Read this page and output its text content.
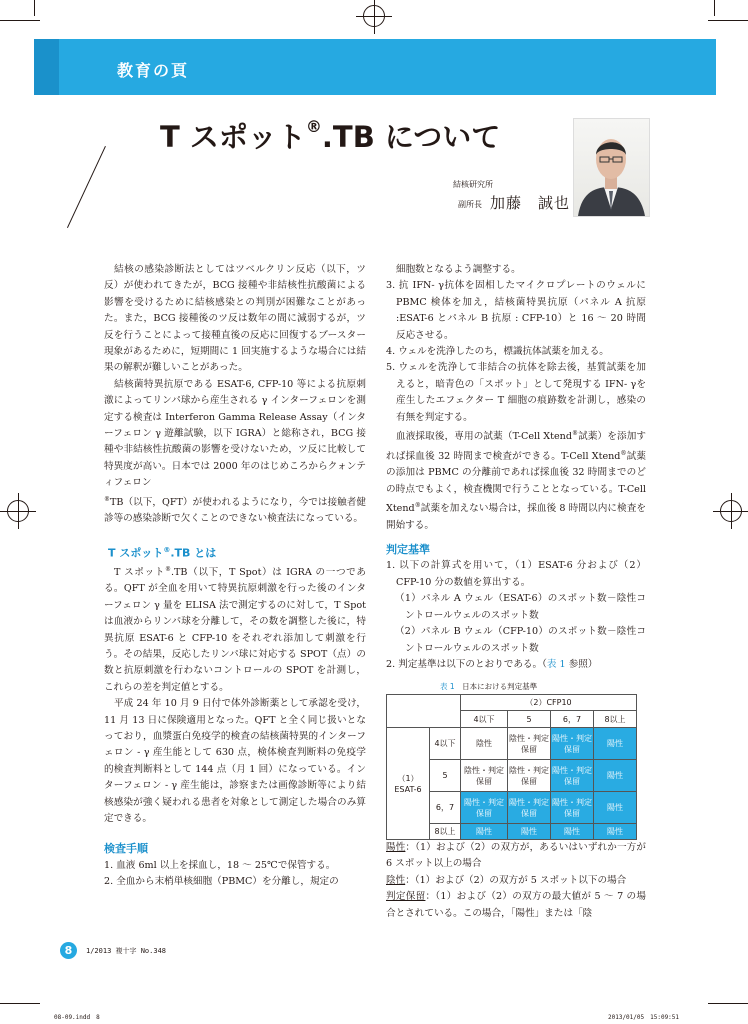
教育の頁
T スポット®.TB について
結核研究所
副所長 加藤　誠也

結核の感染診断法としてはツベルクリン反応（以下，ツ反）が使われてきたが，BCG 接種や非結核性抗酸菌による影響を受けるために結核感染との判別が困難なことがあった。また，BCG 接種後のツ反は数年の間に減弱するが，ツ反を行うことによって接種直後の反応に回復するブースター現象があるために，短期間に 1 回実施するような場合には結果の解釈が難しいことがあった。

結核菌特異抗原である ESAT-6, CFP-10 等による抗原刺激によってリンパ球から産生される γ インターフェロンを測定する検査は Interferon Gamma Release Assay（インターフェロン γ 遊離試験，以下 IGRA）と総称され，BCG 接種や非結核性抗酸菌の影響を受けないため，ツ反に比較して特異度が高い。日本では 2000 年のはじめころからクォンティフェロン

®TB（以下，QFT）が使われるようになり，今では接触者健診等の感染診断で欠くことのできない検査法になっている。

T スポット®.TB とは

T スポット®.TB（以下，T Spot）は IGRA の一つである。QFT が全血を用いて特異抗原刺激を行った後のインターフェロン γ 量を ELISA 法で測定するのに対して，T Spot は血液からリンパ球を分離して，その数を調整した後に，特異抗原 ESAT-6 と CFP-10 をそれぞれ添加して刺激を行う。その結果，反応したリンパ球に対応する SPOT（点）の数と抗原刺激を行わないコントロールの SPOT を計測し，これらの差を判定値とする。

平成 24 年 10 月 9 日付で体外診断薬として承認を受け，11 月 13 日に保険適用となった。QFT と全く同じ扱いとなっており，血漿蛋白免疫学的検査の結核菌特異的インターフェロン - γ 産生能として 630 点，検体検査判断料の免疫学的検査判断料として 144 点（月 1 回）になっている。インターフェロン - γ 産生能は，診察または画像診断等により結核感染が強く疑われる患者を対象として測定した場合のみ算定できる。

検査手順

1. 血液 6ml 以上を採血し，18 ～ 25℃で保管する。

2. 全血から末梢単核細胞（PBMC）を分離し，規定の

細胞数となるよう調整する。

3. 抗 IFN- γ抗体を固相したマイクロプレートのウェルに PBMC 検体を加え，結核菌特異抗原（パネル A 抗原 :ESAT-6 とパネル B 抗原 : CFP-10）と 16 ～ 20 時間反応させる。

4. ウェルを洗浄したのち，標識抗体試薬を加える。

5. ウェルを洗浄して非結合の抗体を除去後，基質試薬を加えると，暗青色の「スポット」として発現する IFN- γを産生したエフェクター T 細胞の痕跡数を計測し，感染の有無を判定する。

血液採取後，専用の試薬（T-Cell Xtend®試薬）を添加すれば採血後 32 時間まで検査ができる。T-Cell Xtend®試薬の添加は PBMC の分離前であれば採血後 32 時間までのどの時点でもよく，検査機関で行うこととなっている。T-Cell Xtend®試薬を加えない場合は，採血後 8 時間以内に検査を開始する。

判定基準

1. 以下の計算式を用いて，（1）ESAT-6 分および（2）CFP-10 分の数値を算出する。

（1）パネル A ウェル（ESAT-6）のスポット数－陰性コントロールウェルのスポット数

（2）パネル B ウェル（CFP-10）のスポット数－陰性コントロールウェルのスポット数

2. 判定基準は以下のとおりである。（表 1 参照）

表 1　 日本における判定基準
		（2）CFP10			
		4以下	5	6，7	8以上
（1）
ESAT-6	4以下	陰性	陰性・判定保留	陽性・判定保留	陽性
	5	陰性・判定保留	陰性・判定保留	陽性・判定保留	陽性
	6，7	陽性・判定保留	陽性・判定保留	陽性・判定保留	陽性
	8以上	陽性	陽性	陽性	陽性

陽性：（1）および（2）の双方が，あるいはいずれか一方が 6 スポット以上の場合

陰性：（1）および（2）の双方が 5 スポット以下の場合

判定保留：（1）および（2）の双方の最大値が 5 ～ 7 の場合とされている。この場合，「陽性」または「陰

8	1/2013 複十字 No.348
08-09.indd　8	2013/01/05　15:09:51
